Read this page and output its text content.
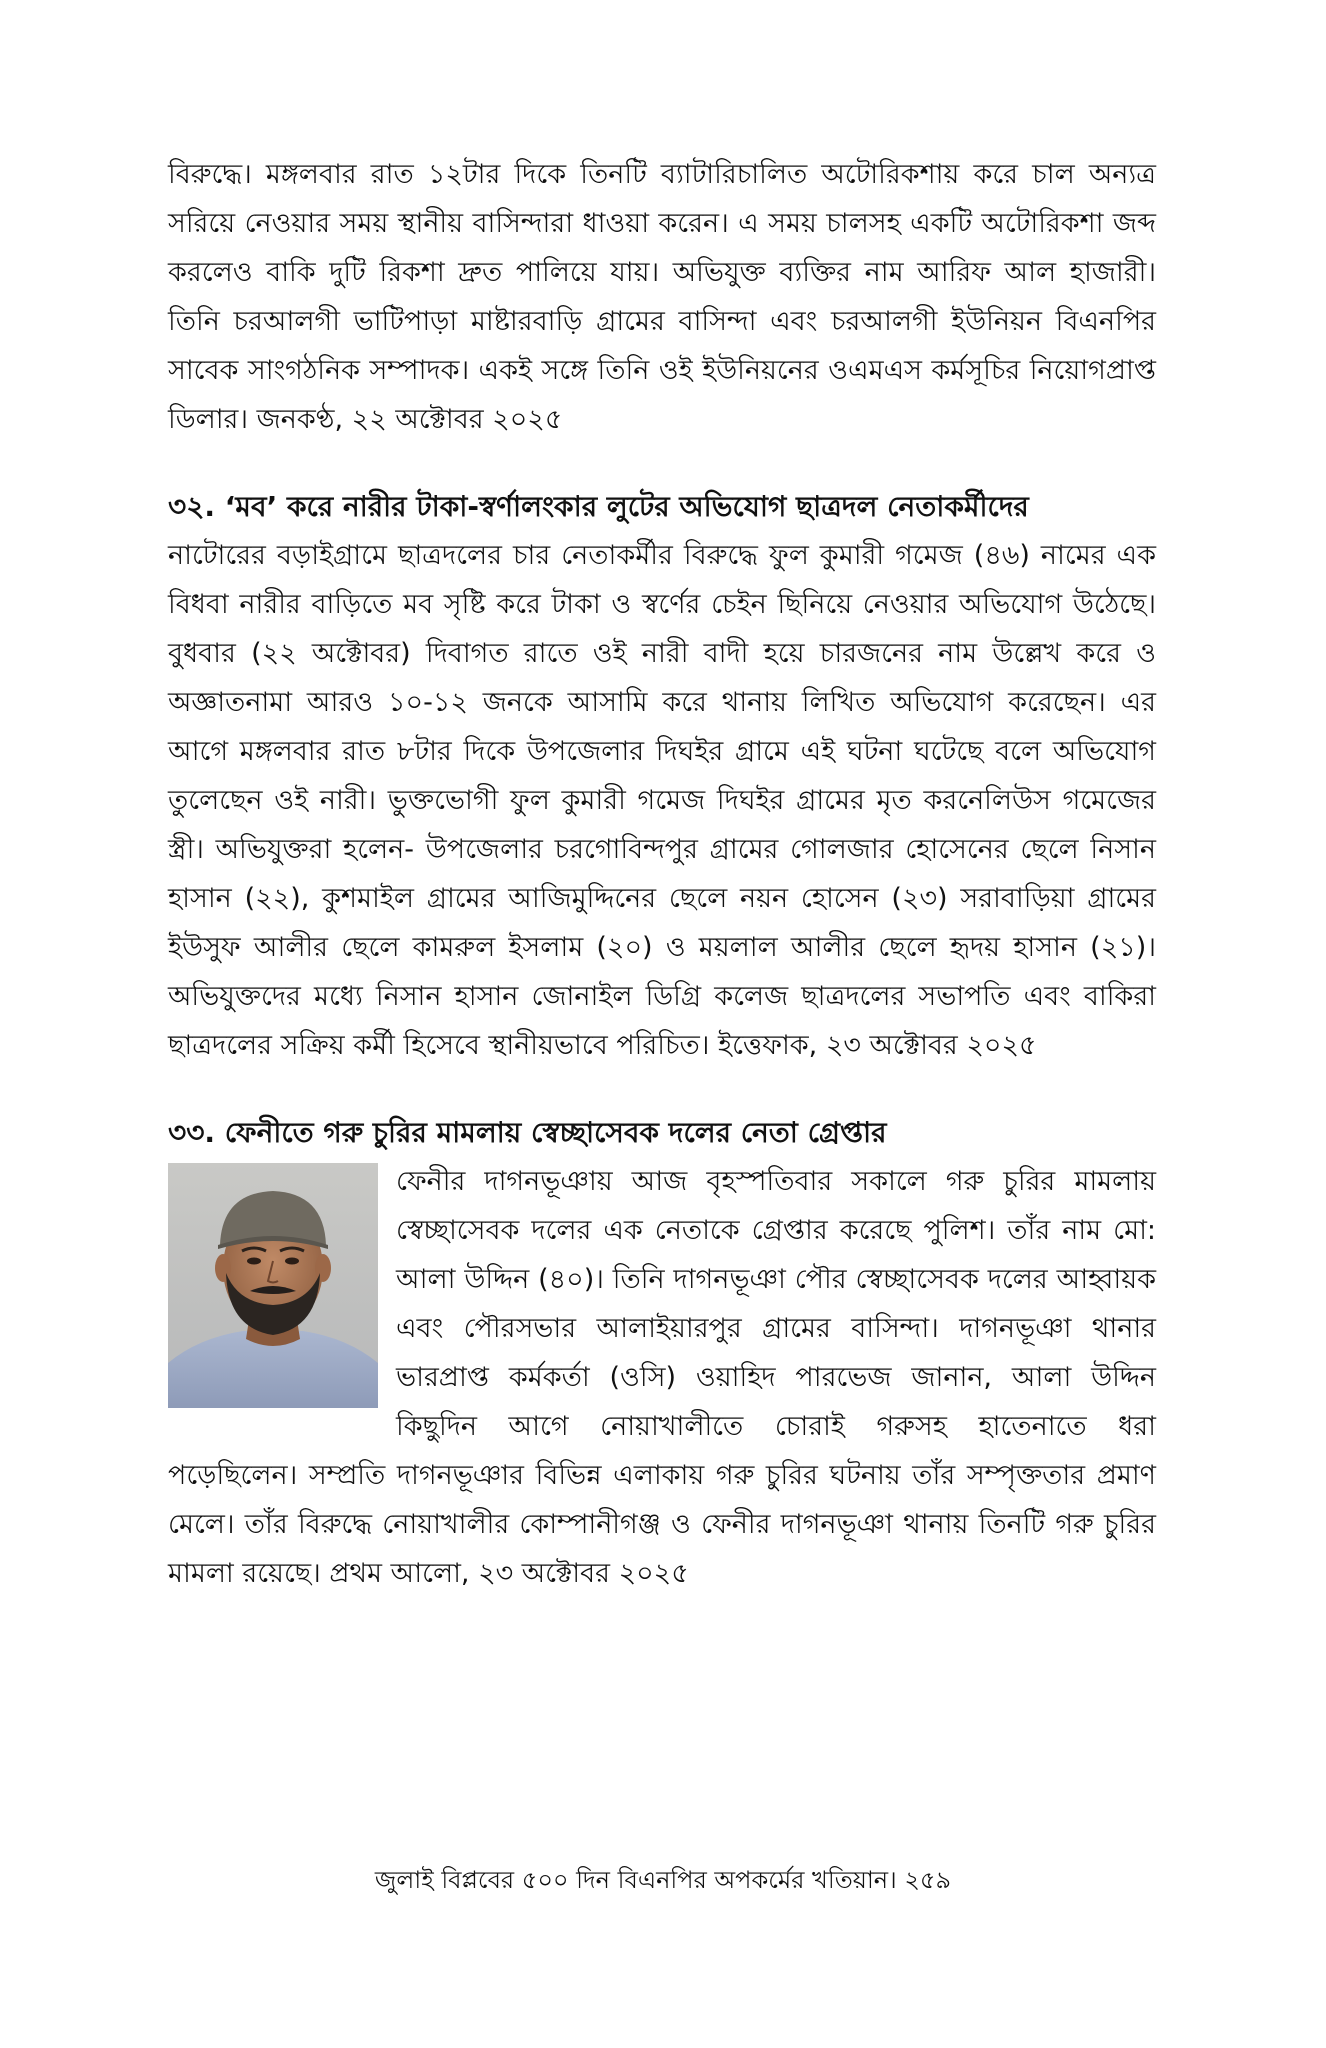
বিরুদ্ধে। মঙ্গলবার রাত ১২টার দিকে তিনটি ব্যাটারিচালিত অটোরিকশায় করে চাল অন্যত্র সরিয়ে নেওয়ার সময় স্থানীয় বাসিন্দারা ধাওয়া করেন। এ সময় চালসহ একটি অটোরিকশা জব্দ করলেও বাকি দুটি রিকশা দ্রুত পালিয়ে যায়। অভিযুক্ত ব্যক্তির নাম আরিফ আল হাজারী। তিনি চরআলগী ভাটিপাড়া মাষ্টারবাড়ি গ্রামের বাসিন্দা এবং চরআলগী ইউনিয়ন বিএনপির সাবেক সাংগঠনিক সম্পাদক। একই সঙ্গে তিনি ওই ইউনিয়নের ওএমএস কর্মসূচির নিয়োগপ্রাপ্ত ডিলার। জনকণ্ঠ, ২২ অক্টোবর ২০২৫

৩২. ‘মব’ করে নারীর টাকা-স্বর্ণালংকার লুটের অভিযোগ ছাত্রদল নেতাকর্মীদের

নাটোরের বড়াইগ্রামে ছাত্রদলের চার নেতাকর্মীর বিরুদ্ধে ফুল কুমারী গমেজ (৪৬) নামের এক বিধবা নারীর বাড়িতে মব সৃষ্টি করে টাকা ও স্বর্ণের চেইন ছিনিয়ে নেওয়ার অভিযোগ উঠেছে। বুধবার (২২ অক্টোবর) দিবাগত রাতে ওই নারী বাদী হয়ে চারজনের নাম উল্লেখ করে ও অজ্ঞাতনামা আরও ১০-১২ জনকে আসামি করে থানায় লিখিত অভিযোগ করেছেন। এর আগে মঙ্গলবার রাত ৮টার দিকে উপজেলার দিঘইর গ্রামে এই ঘটনা ঘটেছে বলে অভিযোগ তুলেছেন ওই নারী। ভুক্তভোগী ফুল কুমারী গমেজ দিঘইর গ্রামের মৃত করনেলিউস গমেজের স্ত্রী। অভিযুক্তরা হলেন- উপজেলার চরগোবিন্দপুর গ্রামের গোলজার হোসেনের ছেলে নিসান হাসান (২২), কুশমাইল গ্রামের আজিমুদ্দিনের ছেলে নয়ন হোসেন (২৩) সরাবাড়িয়া গ্রামের ইউসুফ আলীর ছেলে কামরুল ইসলাম (২০) ও ময়লাল আলীর ছেলে হৃদয় হাসান (২১)। অভিযুক্তদের মধ্যে নিসান হাসান জোনাইল ডিগ্রি কলেজ ছাত্রদলের সভাপতি এবং বাকিরা ছাত্রদলের সক্রিয় কর্মী হিসেবে স্থানীয়ভাবে পরিচিত। ইত্তেফাক, ২৩ অক্টোবর ২০২৫

৩৩. ফেনীতে গরু চুরির মামলায় স্বেচ্ছাসেবক দলের নেতা গ্রেপ্তার

ফেনীর দাগনভূঞায় আজ বৃহস্পতিবার সকালে গরু চুরির মামলায় স্বেচ্ছাসেবক দলের এক নেতাকে গ্রেপ্তার করেছে পুলিশ। তাঁর নাম মো: আলা উদ্দিন (৪০)। তিনি দাগনভূঞা পৌর স্বেচ্ছাসেবক দলের আহ্বায়ক এবং পৌরসভার আলাইয়ারপুর গ্রামের বাসিন্দা। দাগনভূঞা থানার ভারপ্রাপ্ত কর্মকর্তা (ওসি) ওয়াহিদ পারভেজ জানান, আলা উদ্দিন কিছুদিন আগে নোয়াখালীতে চোরাই গরুসহ হাতেনাতে ধরা পড়েছিলেন। সম্প্রতি দাগনভূঞার বিভিন্ন এলাকায় গরু চুরির ঘটনায় তাঁর সম্পৃক্ততার প্রমাণ মেলে। তাঁর বিরুদ্ধে নোয়াখালীর কোম্পানীগঞ্জ ও ফেনীর দাগনভূঞা থানায় তিনটি গরু চুরির মামলা রয়েছে। প্রথম আলো, ২৩ অক্টোবর ২০২৫

জুলাই বিপ্লবের ৫০০ দিন বিএনপির অপকর্মের খতিয়ান। ২৫৯
